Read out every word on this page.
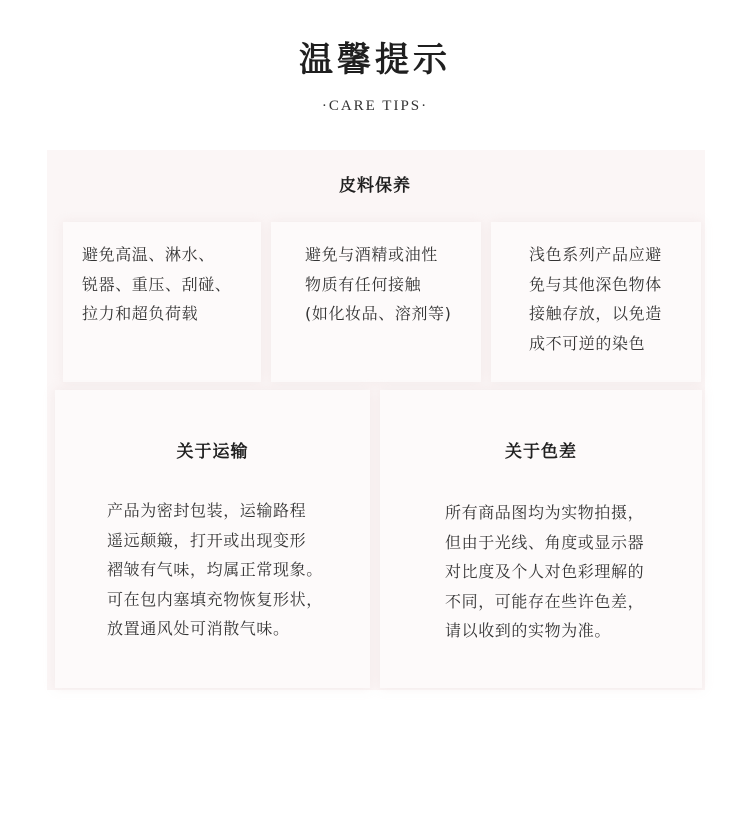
温馨提示
·CARE TIPS·
皮料保养
避免高温、淋水、
锐器、重压、刮碰、
拉力和超负荷载
避免与酒精或油性
物质有任何接触
(如化妆品、溶剂等)
浅色系列产品应避
免与其他深色物体
接触存放，以免造
成不可逆的染色
关于运输
产品为密封包装，运输路程
遥远颠簸，打开或出现变形
褶皱有气味，均属正常现象。
可在包内塞填充物恢复形状，
放置通风处可消散气味。
关于色差
所有商品图均为实物拍摄，
但由于光线、角度或显示器
对比度及个人对色彩理解的
不同，可能存在些许色差，
请以收到的实物为准。
